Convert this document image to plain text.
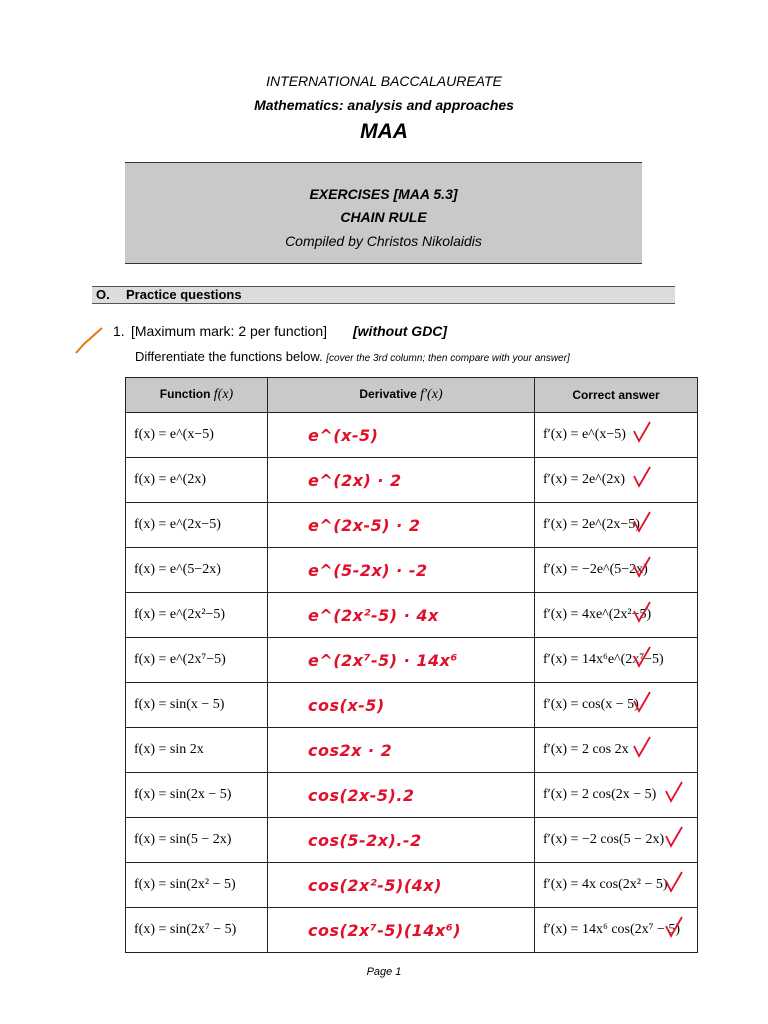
INTERNATIONAL BACCALAUREATE
Mathematics: analysis and approaches
MAA
EXERCISES [MAA 5.3]
CHAIN RULE
Compiled by Christos Nikolaidis
O. Practice questions
1. [Maximum mark: 2 per function] [without GDC]
Differentiate the functions below. [cover the 3rd column; then compare with your answer]
Function f(x)	Derivative f′(x)	Correct answer
f(x) = e^(x−5)	e^(x-5)	f′(x) = e^(x−5)

f(x) = e^(2x)	e^(2x) · 2	f′(x) = 2e^(2x)

f(x) = e^(2x−5)	e^(2x-5) · 2	f′(x) = 2e^(2x−5)

f(x) = e^(5−2x)	e^(5-2x) · -2	f′(x) = −2e^(5−2x)

f(x) = e^(2x²−5)	e^(2x²-5) · 4x	f′(x) = 4xe^(2x²−5)

f(x) = e^(2x⁷−5)	e^(2x⁷-5) · 14x⁶	f′(x) = 14x⁶e^(2x⁷−5)

f(x) = sin(x − 5)	cos(x-5)	f′(x) = cos(x − 5)

f(x) = sin 2x	cos2x · 2	f′(x) = 2 cos 2x

f(x) = sin(2x − 5)	cos(2x-5).2	f′(x) = 2 cos(2x − 5)

f(x) = sin(5 − 2x)	cos(5-2x).-2	f′(x) = −2 cos(5 − 2x)

f(x) = sin(2x² − 5)	cos(2x²-5)(4x)	f′(x) = 4x cos(2x² − 5)

f(x) = sin(2x⁷ − 5)	cos(2x⁷-5)(14x⁶)	f′(x) = 14x⁶ cos(2x⁷ − 5)
Page 1
